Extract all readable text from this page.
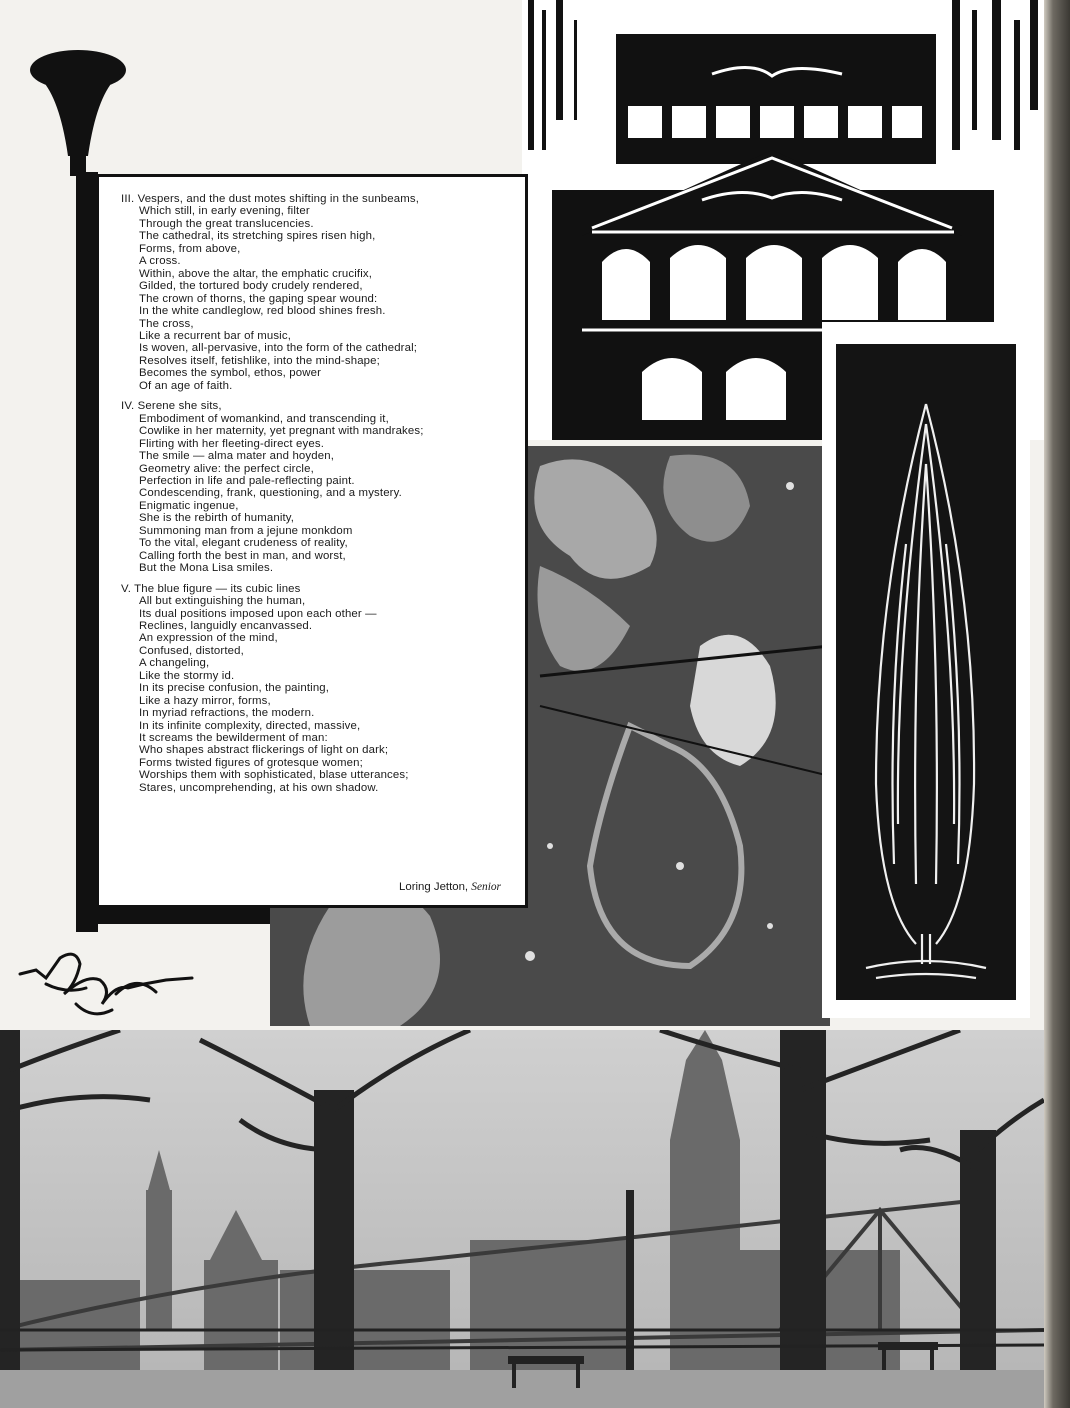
III. Vespers, and the dust motes shifting in the sunbeams,
Which still, in early evening, filter
Through the great translucencies.
The cathedral, its stretching spires risen high,
Forms, from above,
A cross.
Within, above the altar, the emphatic crucifix,
Gilded, the tortured body crudely rendered,
The crown of thorns, the gaping spear wound:
In the white candleglow, red blood shines fresh.
The cross,
Like a recurrent bar of music,
Is woven, all-pervasive, into the form of the cathedral;
Resolves itself, fetishlike, into the mind-shape;
Becomes the symbol, ethos, power
Of an age of faith.
IV. Serene she sits,
Embodiment of womankind, and transcending it,
Cowlike in her maternity, yet pregnant with mandrakes;
Flirting with her fleeting-direct eyes.
The smile — alma mater and hoyden,
Geometry alive: the perfect circle,
Perfection in life and pale-reflecting paint.
Condescending, frank, questioning, and a mystery.
Enigmatic ingenue,
She is the rebirth of humanity,
Summoning man from a jejune monkdom
To the vital, elegant crudeness of reality,
Calling forth the best in man, and worst,
But the Mona Lisa smiles.
V. The blue figure — its cubic lines
All but extinguishing the human,
Its dual positions imposed upon each other —
Reclines, languidly encanvassed.
An expression of the mind,
Confused, distorted,
A changeling,
Like the stormy id.
In its precise confusion, the painting,
Like a hazy mirror, forms,
In myriad refractions, the modern.
In its infinite complexity, directed, massive,
It screams the bewilderment of man:
Who shapes abstract flickerings of light on dark;
Forms twisted figures of grotesque women;
Worships them with sophisticated, blase utterances;
Stares, uncomprehending, at his own shadow.
Loring Jetton, Senior
